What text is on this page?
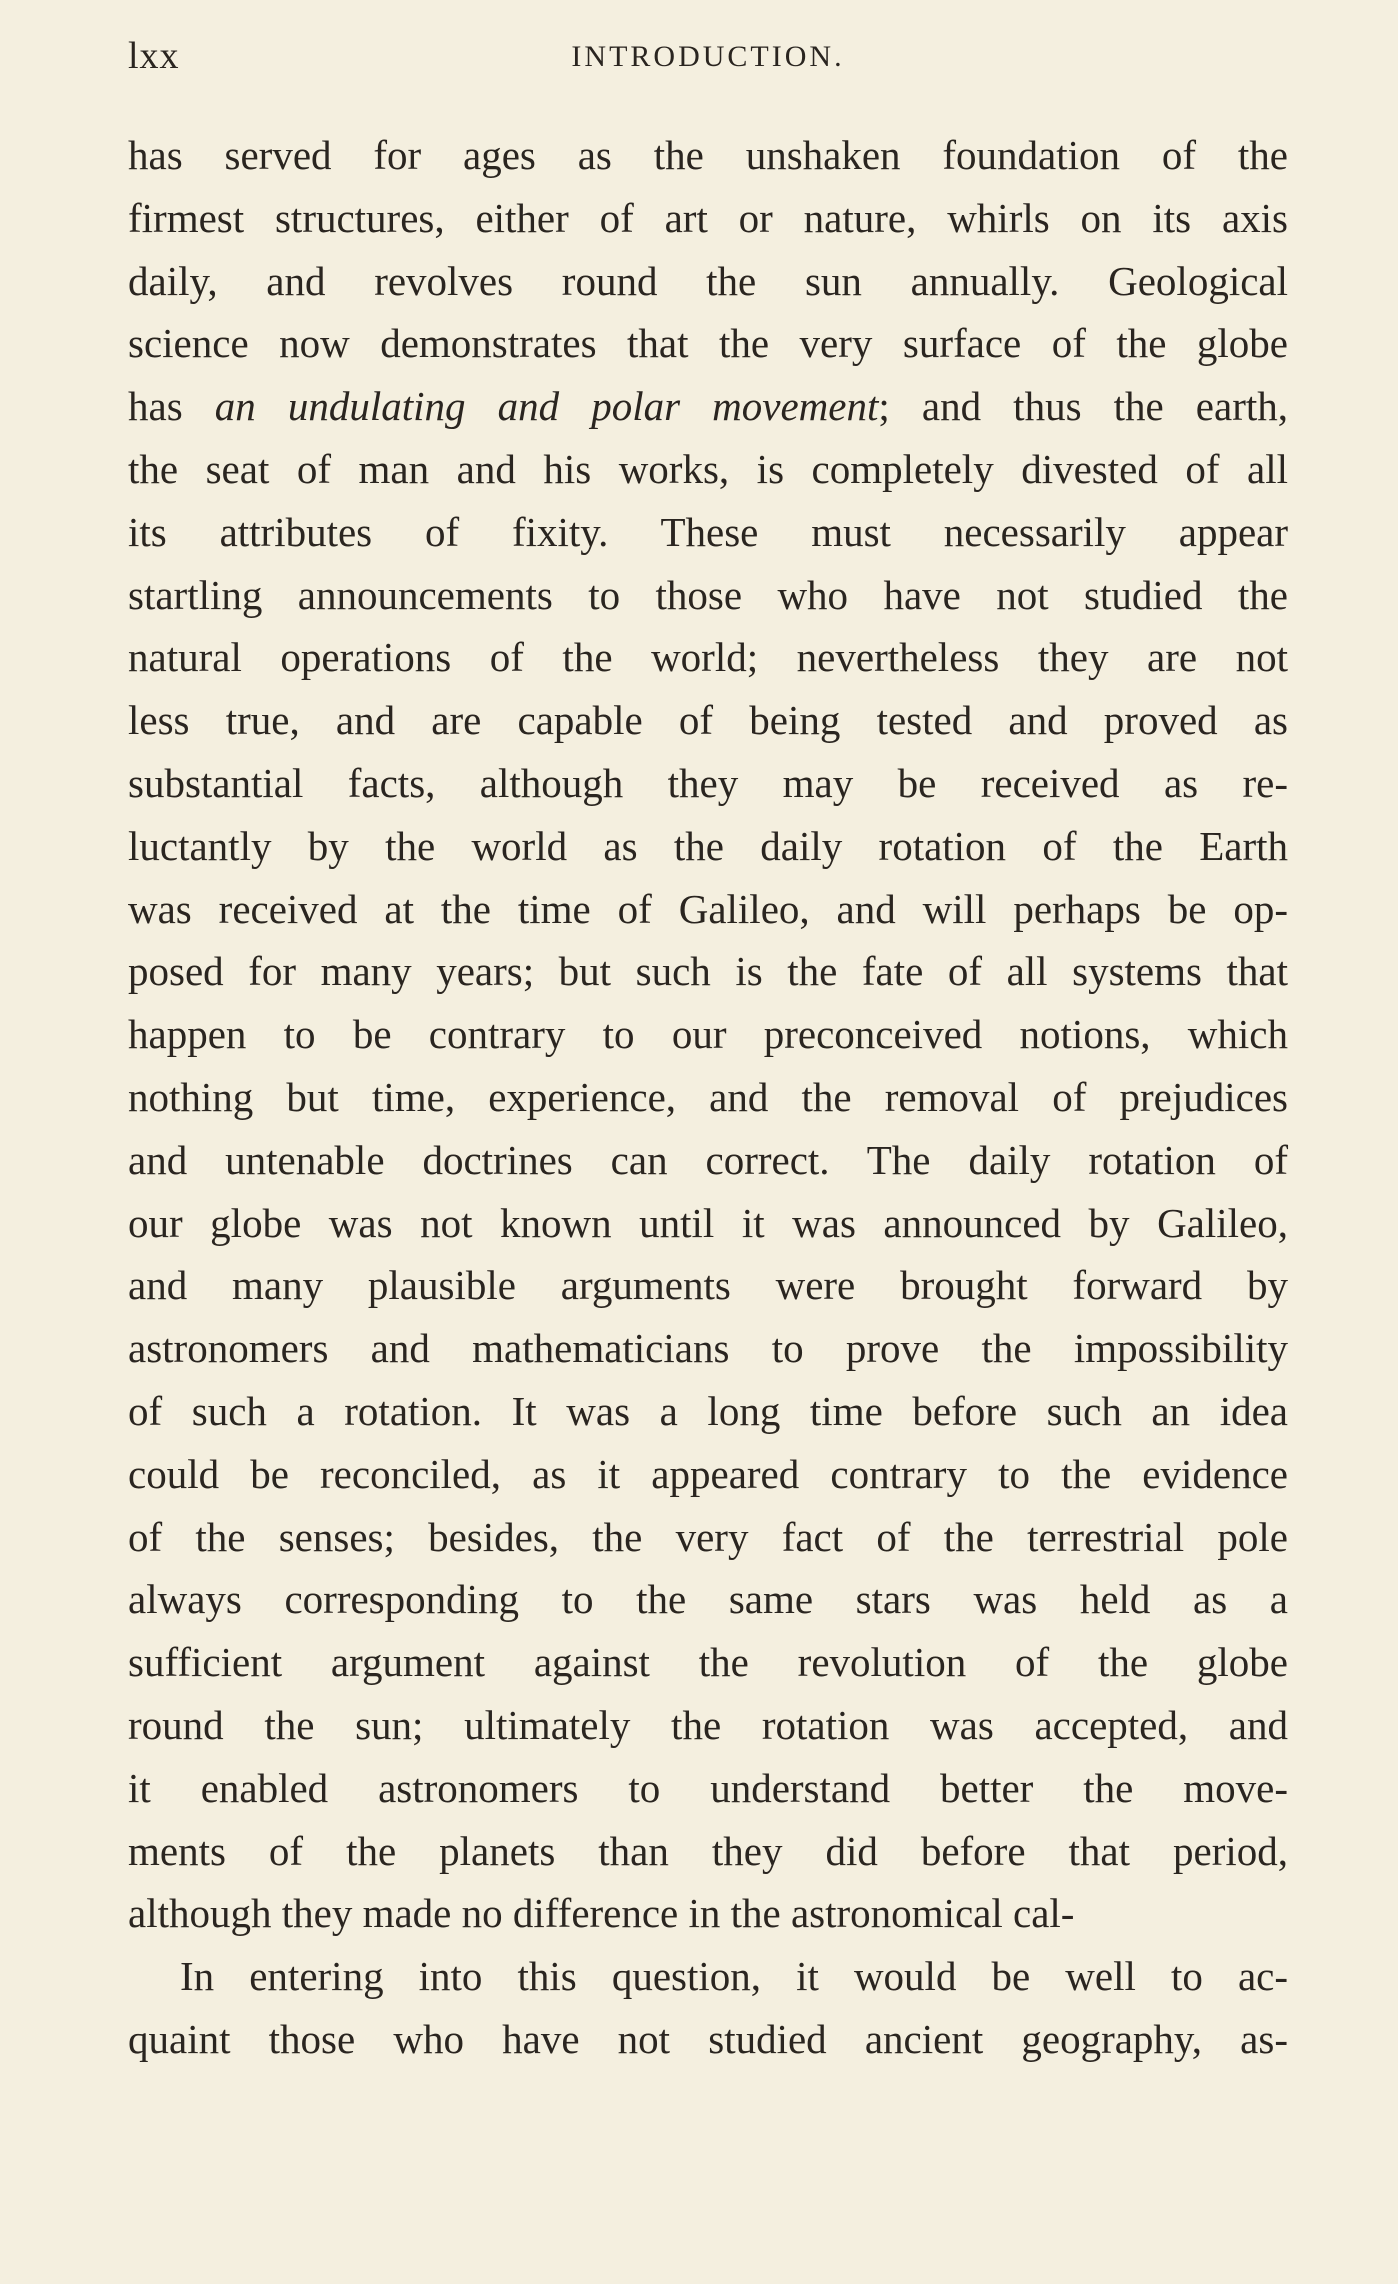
lxx	INTRODUCTION.

has served for ages as the unshaken foundation of the
firmest structures, either of art or nature, whirls on its axis
daily, and revolves round the sun annually. Geological
science now demonstrates that the very surface of the globe
has an undulating and polar movement; and thus the earth,
the seat of man and his works, is completely divested of all
its attributes of fixity. These must necessarily appear
startling announcements to those who have not studied the
natural operations of the world; nevertheless they are not
less true, and are capable of being tested and proved as
substantial facts, although they may be received as re-
luctantly by the world as the daily rotation of the Earth
was received at the time of Galileo, and will perhaps be op-
posed for many years; but such is the fate of all systems that
happen to be contrary to our preconceived notions, which
nothing but time, experience, and the removal of prejudices
and untenable doctrines can correct. The daily rotation of
our globe was not known until it was announced by Galileo,
and many plausible arguments were brought forward by
astronomers and mathematicians to prove the impossibility
of such a rotation. It was a long time before such an idea
could be reconciled, as it appeared contrary to the evidence
of the senses; besides, the very fact of the terrestrial pole
always corresponding to the same stars was held as a
sufficient argument against the revolution of the globe
round the sun; ultimately the rotation was accepted, and
it enabled astronomers to understand better the move-
ments of the planets than they did before that period,
although they made no difference in the astronomical cal-

In entering into this question, it would be well to ac-
quaint those who have not studied ancient geography, as-
